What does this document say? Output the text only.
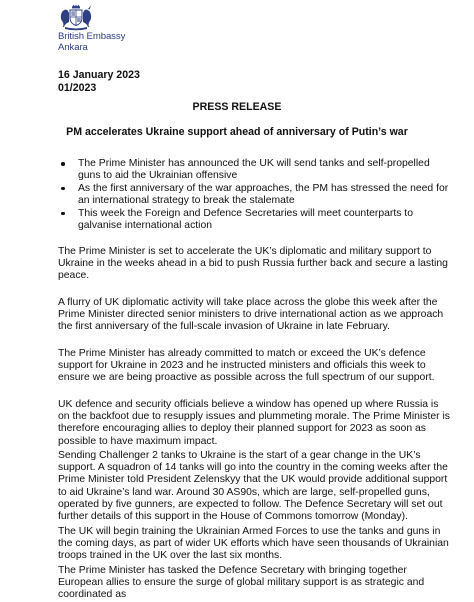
British Embassy
Ankara
16 January 2023
01/2023
PRESS RELEASE
PM accelerates Ukraine support ahead of anniversary of Putin’s war
The Prime Minister has announced the UK will send tanks and self-propelled guns to aid the Ukrainian offensive
As the first anniversary of the war approaches, the PM has stressed the need for an international strategy to break the stalemate
This week the Foreign and Defence Secretaries will meet counterparts to galvanise international action

The Prime Minister is set to accelerate the UK’s diplomatic and military support to Ukraine in the weeks ahead in a bid to push Russia further back and secure a lasting peace.

A flurry of UK diplomatic activity will take place across the globe this week after the Prime Minister directed senior ministers to drive international action as we approach the first anniversary of the full-scale invasion of Ukraine in late February.

The Prime Minister has already committed to match or exceed the UK’s defence support for Ukraine in 2023 and he instructed ministers and officials this week to ensure we are being proactive as possible across the full spectrum of our support.

UK defence and security officials believe a window has opened up where Russia is on the backfoot due to resupply issues and plummeting morale. The Prime Minister is therefore encouraging allies to deploy their planned support for 2023 as soon as possible to have maximum impact.

Sending Challenger 2 tanks to Ukraine is the start of a gear change in the UK’s support. A squadron of 14 tanks will go into the country in the coming weeks after the Prime Minister told President Zelenskyy that the UK would provide additional support to aid Ukraine’s land war. Around 30 AS90s, which are large, self-propelled guns, operated by five gunners, are expected to follow. The Defence Secretary will set out further details of this support in the House of Commons tomorrow (Monday).

The UK will begin training the Ukrainian Armed Forces to use the tanks and guns in the coming days, as part of wider UK efforts which have seen thousands of Ukrainian troops trained in the UK over the last six months.

The Prime Minister has tasked the Defence Secretary with bringing together European allies to ensure the surge of global military support is as strategic and coordinated as
